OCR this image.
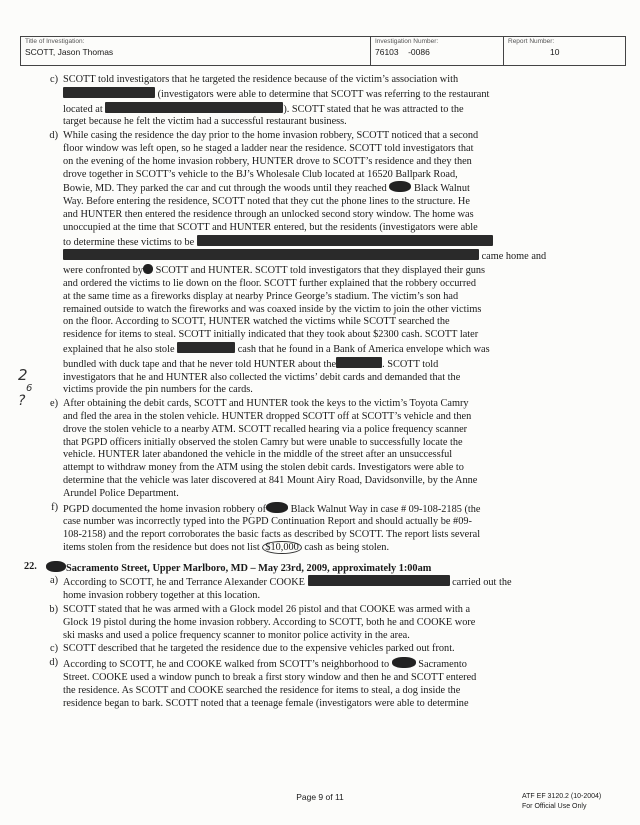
Title of Investigation:
SCOTT, Jason Thomas
Investigation Number:
76103 -0086
Report Number:
10
c) SCOTT told investigators that he targeted the residence because of the victim’s association with
(investigators were able to determine that SCOTT was referring to the restaurant
located at	). SCOTT stated that he was attracted to the
target because he felt the victim had a successful restaurant business.
d) While casing the residence the day prior to the home invasion robbery, SCOTT noticed that a second
floor window was left open, so he staged a ladder near the residence. SCOTT told investigators that
on the evening of the home invasion robbery, HUNTER drove to SCOTT’s residence and they then
drove together in SCOTT’s vehicle to the BJ’s Wholesale Club located at 16520 Ballpark Road,
Bowie, MD. They parked the car and cut through the woods until they reached	Black Walnut
Way. Before entering the residence, SCOTT noted that they cut the phone lines to the structure. He
and HUNTER then entered the residence through an unlocked second story window. The home was
unoccupied at the time that SCOTT and HUNTER entered, but the residents (investigators were able
to determine these victims to be
came home and
were confronted by SCOTT and HUNTER. SCOTT told investigators that they displayed their guns
and ordered the victims to lie down on the floor. SCOTT further explained that the robbery occurred
at the same time as a fireworks display at nearby Prince George’s stadium. The victim’s son had
remained outside to watch the fireworks and was coaxed inside by the victim to join the other victims
on the floor. According to SCOTT, HUNTER watched the victims while SCOTT searched the
residence for items to steal. SCOTT initially indicated that they took about $2300 cash. SCOTT later
explained that he also stole	cash that he found in a Bank of America envelope which was
bundled with duck tape and that he never told HUNTER about the	. SCOTT told
investigators that he and HUNTER also collected the victims’ debit cards and demanded that the
victims provide the pin numbers for the cards.
e) After obtaining the debit cards, SCOTT and HUNTER took the keys to the victim’s Toyota Camry
and fled the area in the stolen vehicle. HUNTER dropped SCOTT off at SCOTT’s vehicle and then
drove the stolen vehicle to a nearby ATM. SCOTT recalled hearing via a police frequency scanner
that PGPD officers initially observed the stolen Camry but were unable to successfully locate the
vehicle. HUNTER later abandoned the vehicle in the middle of the street after an unsuccessful
attempt to withdraw money from the ATM using the stolen debit cards. Investigators were able to
determine that the vehicle was later discovered at 841 Mount Airy Road, Davidsonville, by the Anne
Arundel Police Department.
f) PGPD documented the home invasion robbery of Black Walnut Way in case # 09-108-2185 (the
case number was incorrectly typed into the PGPD Continuation Report and should actually be #09-
108-2158) and the report corroborates the basic facts as described by SCOTT. The report lists several
items stolen from the residence but does not list $10,000 cash as being stolen.
22.	Sacramento Street, Upper Marlboro, MD – May 23rd, 2009, approximately 1:00am
a) According to SCOTT, he and Terrance Alexander COOKE	carried out the
home invasion robbery together at this location.
b) SCOTT stated that he was armed with a Glock model 26 pistol and that COOKE was armed with a
Glock 19 pistol during the home invasion robbery. According to SCOTT, both he and COOKE wore
ski masks and used a police frequency scanner to monitor police activity in the area.
c) SCOTT described that he targeted the residence due to the expensive vehicles parked out front.
d) According to SCOTT, he and COOKE walked from SCOTT’s neighborhood to	Sacramento
Street. COOKE used a window punch to break a first story window and then he and SCOTT entered
the residence. As SCOTT and COOKE searched the residence for items to steal, a dog inside the
residence began to bark. SCOTT noted that a teenage female (investigators were able to determine
2
6
?
Page 9 of 11	ATF EF 3120.2 (10-2004)
For Official Use Only
